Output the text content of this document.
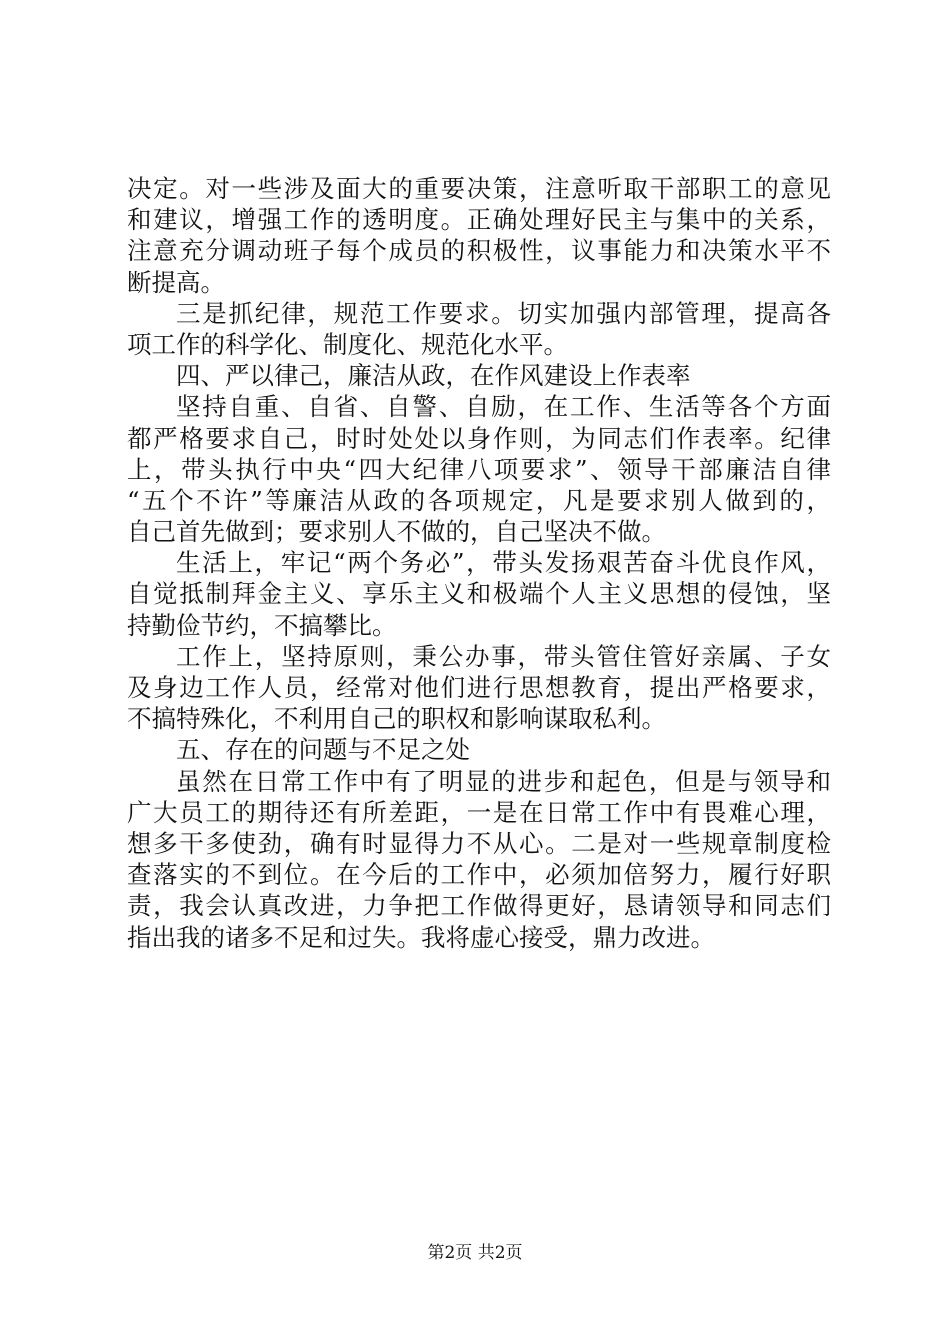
决定。对一些涉及面大的重要决策，注意听取干部职工的意见
和建议，增强工作的透明度。正确处理好民主与集中的关系，
注意充分调动班子每个成员的积极性，议事能力和决策水平不
断提高。
三是抓纪律，规范工作要求。切实加强内部管理，提高各
项工作的科学化、制度化、规范化水平。
四、严以律己，廉洁从政，在作风建设上作表率
坚持自重、自省、自警、自励，在工作、生活等各个方面
都严格要求自己，时时处处以身作则，为同志们作表率。纪律
上，带头执行中央“四大纪律八项要求”、领导干部廉洁自律
“五个不许”等廉洁从政的各项规定，凡是要求别人做到的，
自己首先做到；要求别人不做的，自己坚决不做。
生活上，牢记“两个务必”，带头发扬艰苦奋斗优良作风，
自觉抵制拜金主义、享乐主义和极端个人主义思想的侵蚀，坚
持勤俭节约，不搞攀比。
工作上，坚持原则，秉公办事，带头管住管好亲属、子女
及身边工作人员，经常对他们进行思想教育，提出严格要求，
不搞特殊化，不利用自己的职权和影响谋取私利。
五、存在的问题与不足之处
虽然在日常工作中有了明显的进步和起色，但是与领导和
广大员工的期待还有所差距，一是在日常工作中有畏难心理，
想多干多使劲，确有时显得力不从心。二是对一些规章制度检
查落实的不到位。在今后的工作中，必须加倍努力，履行好职
责，我会认真改进，力争把工作做得更好，恳请领导和同志们
指出我的诸多不足和过失。我将虚心接受，鼎力改进。
第2页 共2页
